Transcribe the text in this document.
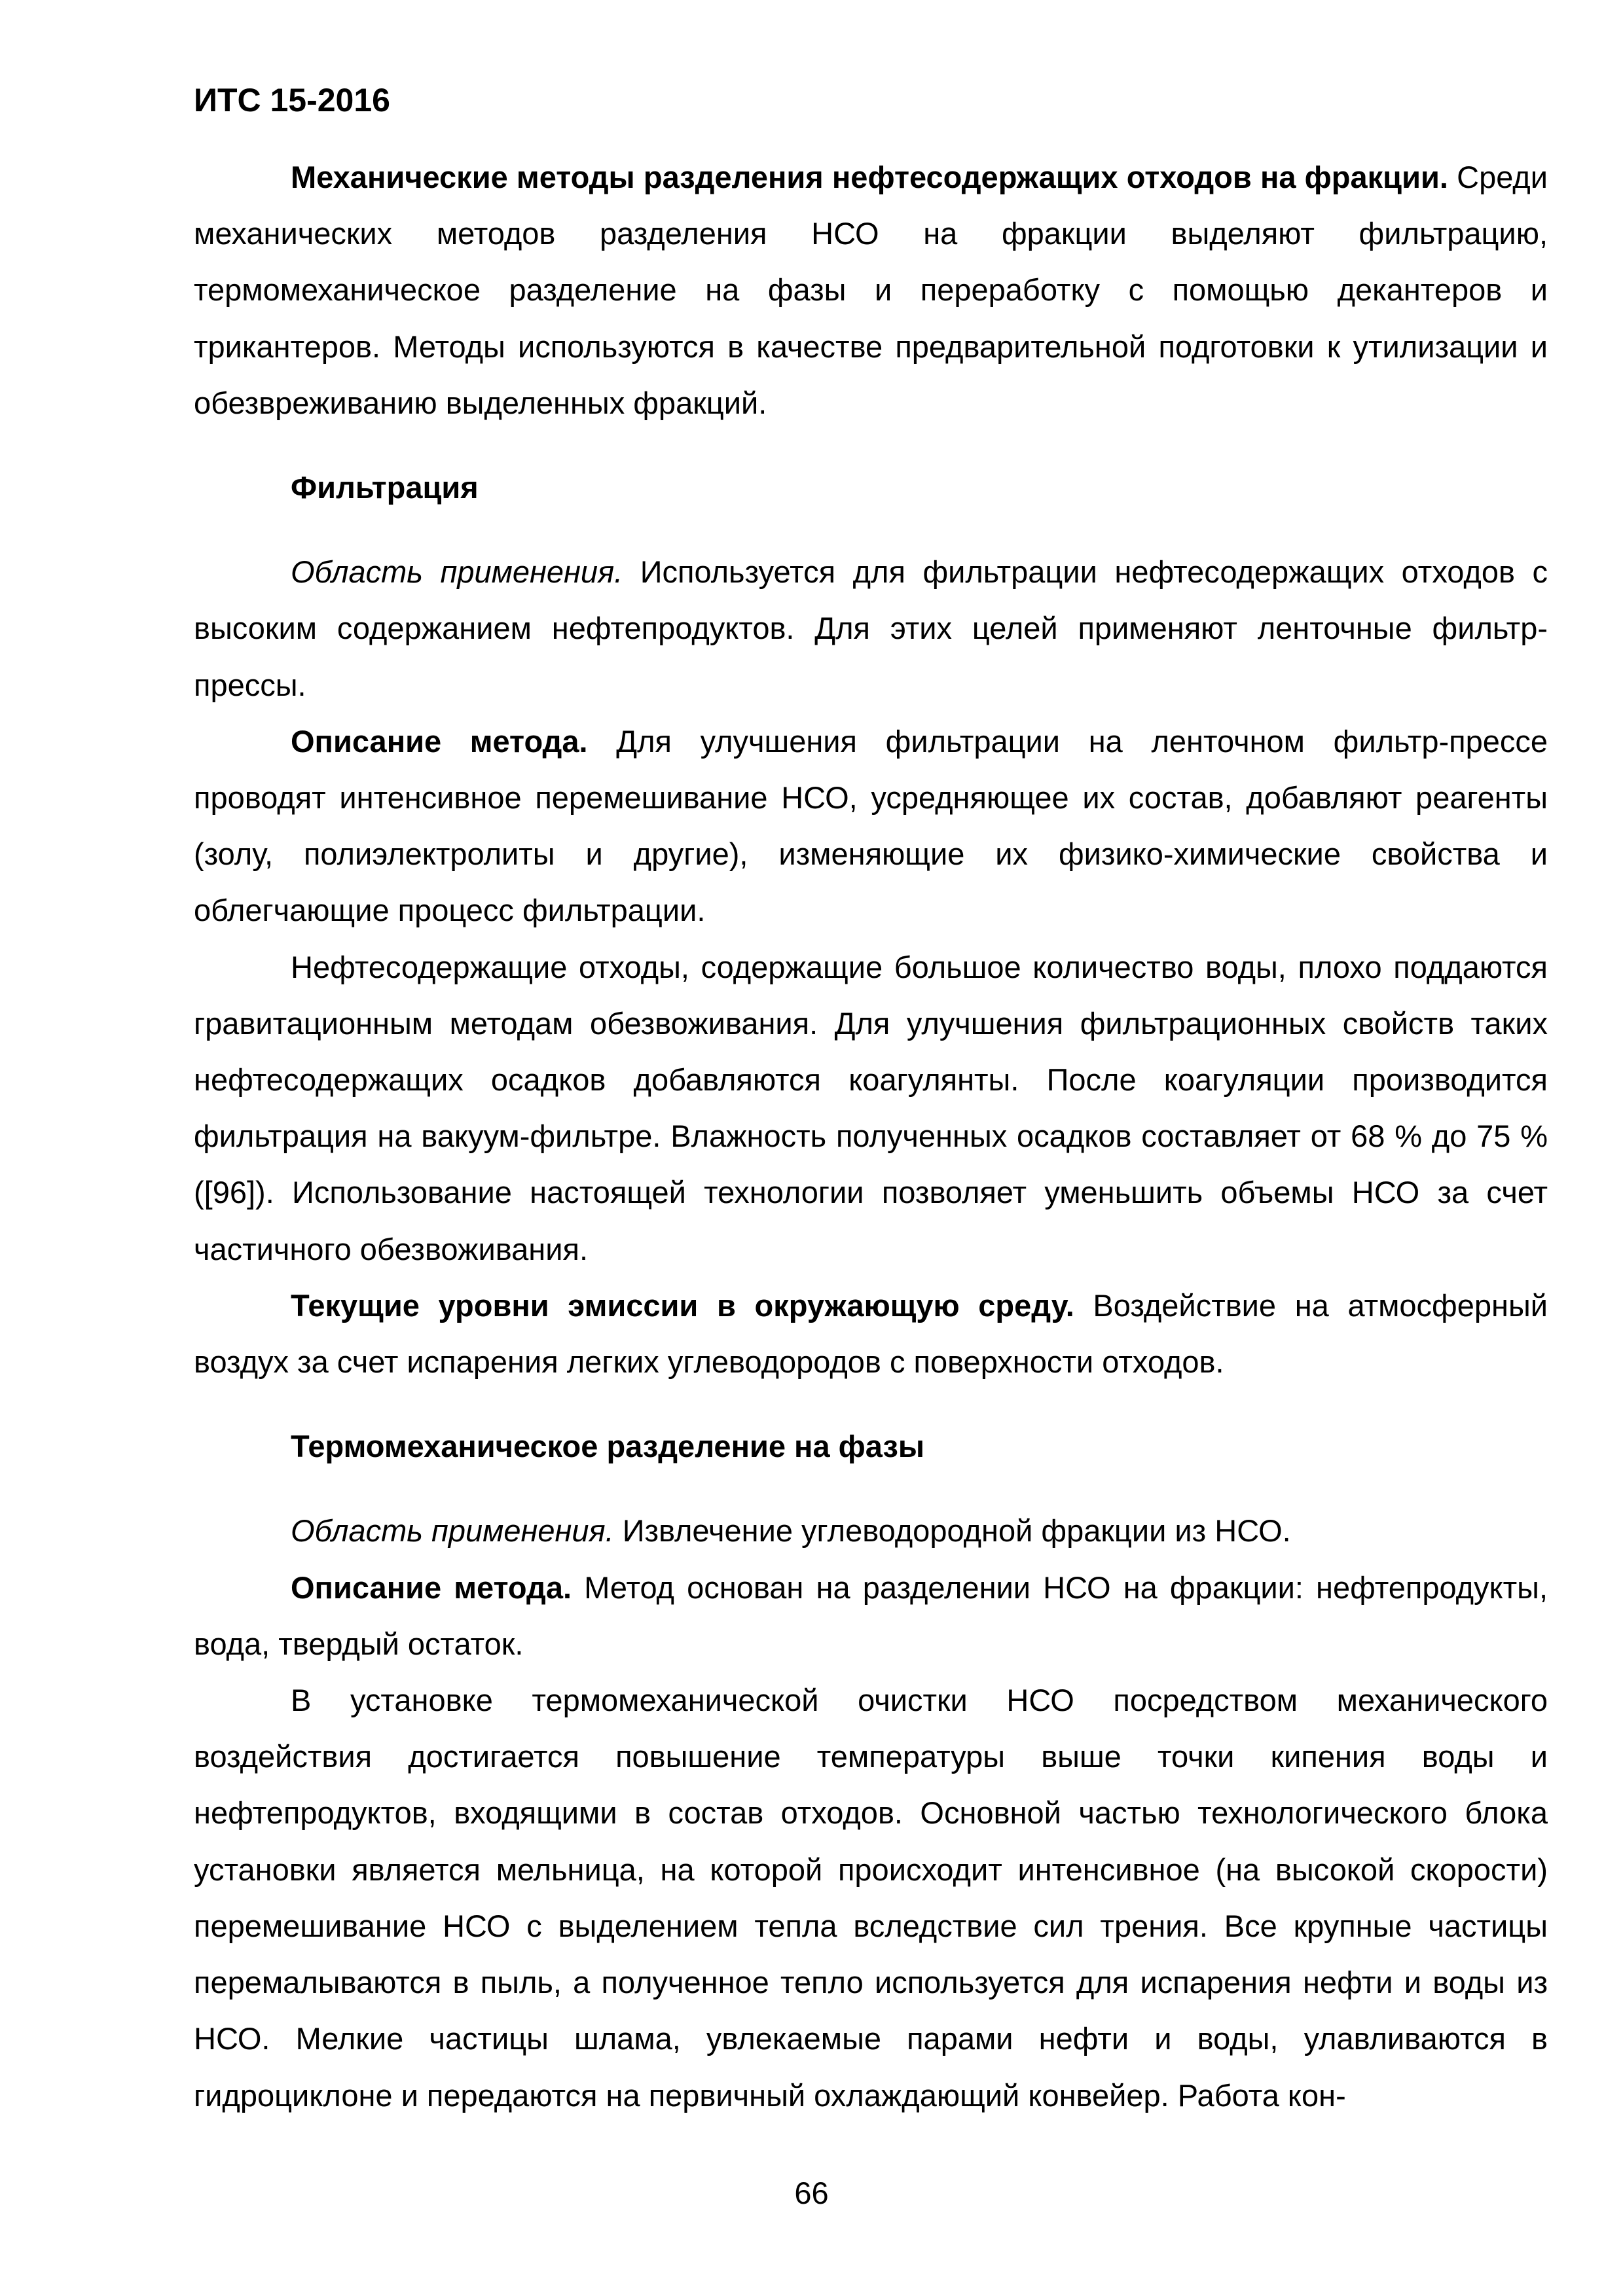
ИТС 15-2016

Механические методы разделения нефтесодержащих отходов на фракции. Среди механических методов разделения НСО на фракции выделяют фильтрацию, термомеханическое разделение на фазы и переработку с помощью декантеров и трикантеров. Методы используются в качестве предварительной подготовки к утилизации и обезвреживанию выделенных фракций.

Фильтрация

Область применения. Используется для фильтрации нефтесодержащих отходов с высоким содержанием нефтепродуктов. Для этих целей применяют ленточные фильтр-прессы.

Описание метода. Для улучшения фильтрации на ленточном фильтр-прессе проводят интенсивное перемешивание НСО, усредняющее их состав, добавляют реагенты (золу, полиэлектролиты и другие), изменяющие их физико-химические свойства и облегчающие процесс фильтрации.

Нефтесодержащие отходы, содержащие большое количество воды, плохо поддаются гравитационным методам обезвоживания. Для улучшения фильтрационных свойств таких нефтесодержащих осадков добавляются коагулянты. После коагуляции производится фильтрация на вакуум-фильтре. Влажность полученных осадков составляет от 68 % до 75 % ([96]). Использование настоящей технологии позволяет уменьшить объемы НСО за счет частичного обезвоживания.

Текущие уровни эмиссии в окружающую среду. Воздействие на атмосферный воздух за счет испарения легких углеводородов с поверхности отходов.

Термомеханическое разделение на фазы

Область применения. Извлечение углеводородной фракции из НСО.

Описание метода. Метод основан на разделении НСО на фракции: нефтепродукты, вода, твердый остаток.

В установке термомеханической очистки НСО посредством механического воздействия достигается повышение температуры выше точки кипения воды и нефтепродуктов, входящими в состав отходов. Основной частью технологического блока установки является мельница, на которой происходит интенсивное (на высокой скорости) перемешивание НСО с выделением тепла вследствие сил трения. Все крупные частицы перемалываются в пыль, а полученное тепло используется для испарения нефти и воды из НСО. Мелкие частицы шлама, увлекаемые парами нефти и воды, улавливаются в гидроциклоне и передаются на первичный охлаждающий конвейер. Работа кон-

66
